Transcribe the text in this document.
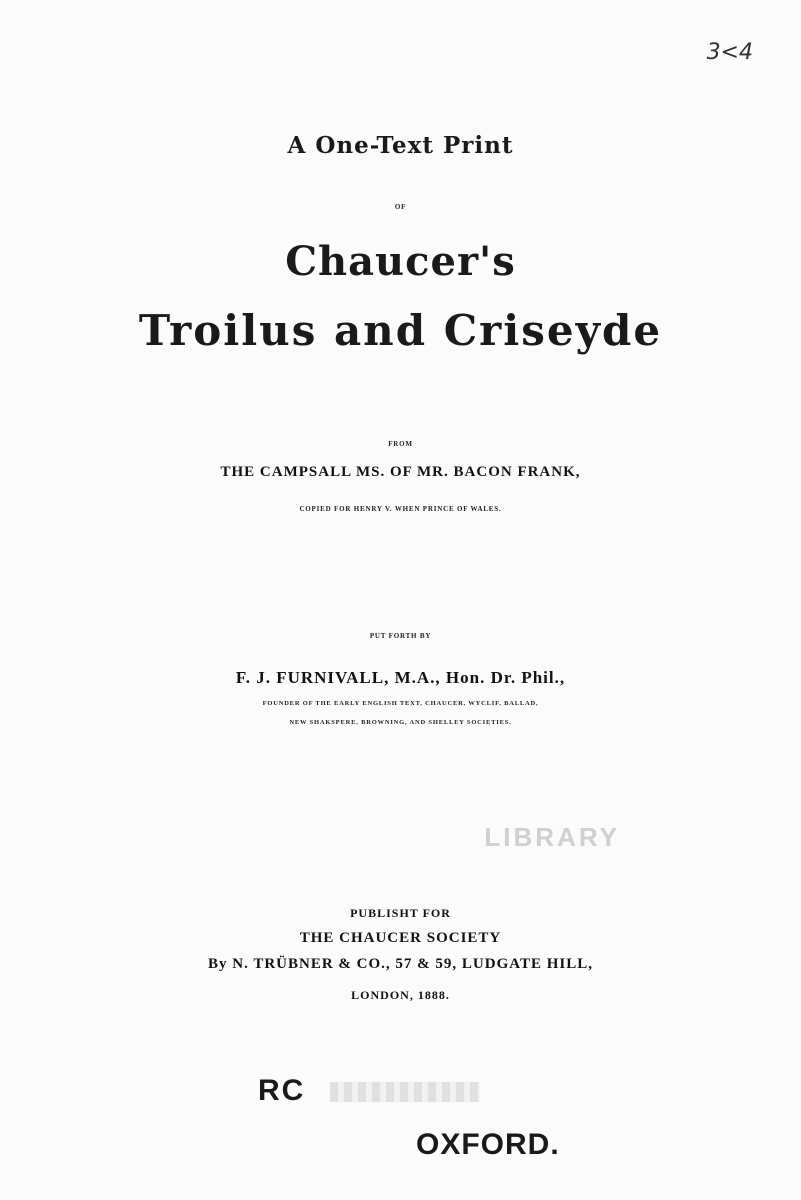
3<4
A One-Text Print
OF
Chaucer's
Troilus and Criseyde
FROM
THE CAMPSALL MS. OF MR. BACON FRANK,
COPIED FOR HENRY V. WHEN PRINCE OF WALES.
PUT FORTH BY
F. J. FURNIVALL, M.A., Hon. Dr. Phil.,
FOUNDER OF THE EARLY ENGLISH TEXT, CHAUCER, WYCLIF, BALLAD,
NEW SHAKSPERE, BROWNING, AND SHELLEY SOCIETIES.
LIBRARY
PUBLISHT FOR
THE CHAUCER SOCIETY
By N. TRÜBNER & CO., 57 & 59, LUDGATE HILL,
LONDON, 1888.
RC
OXFORD.
